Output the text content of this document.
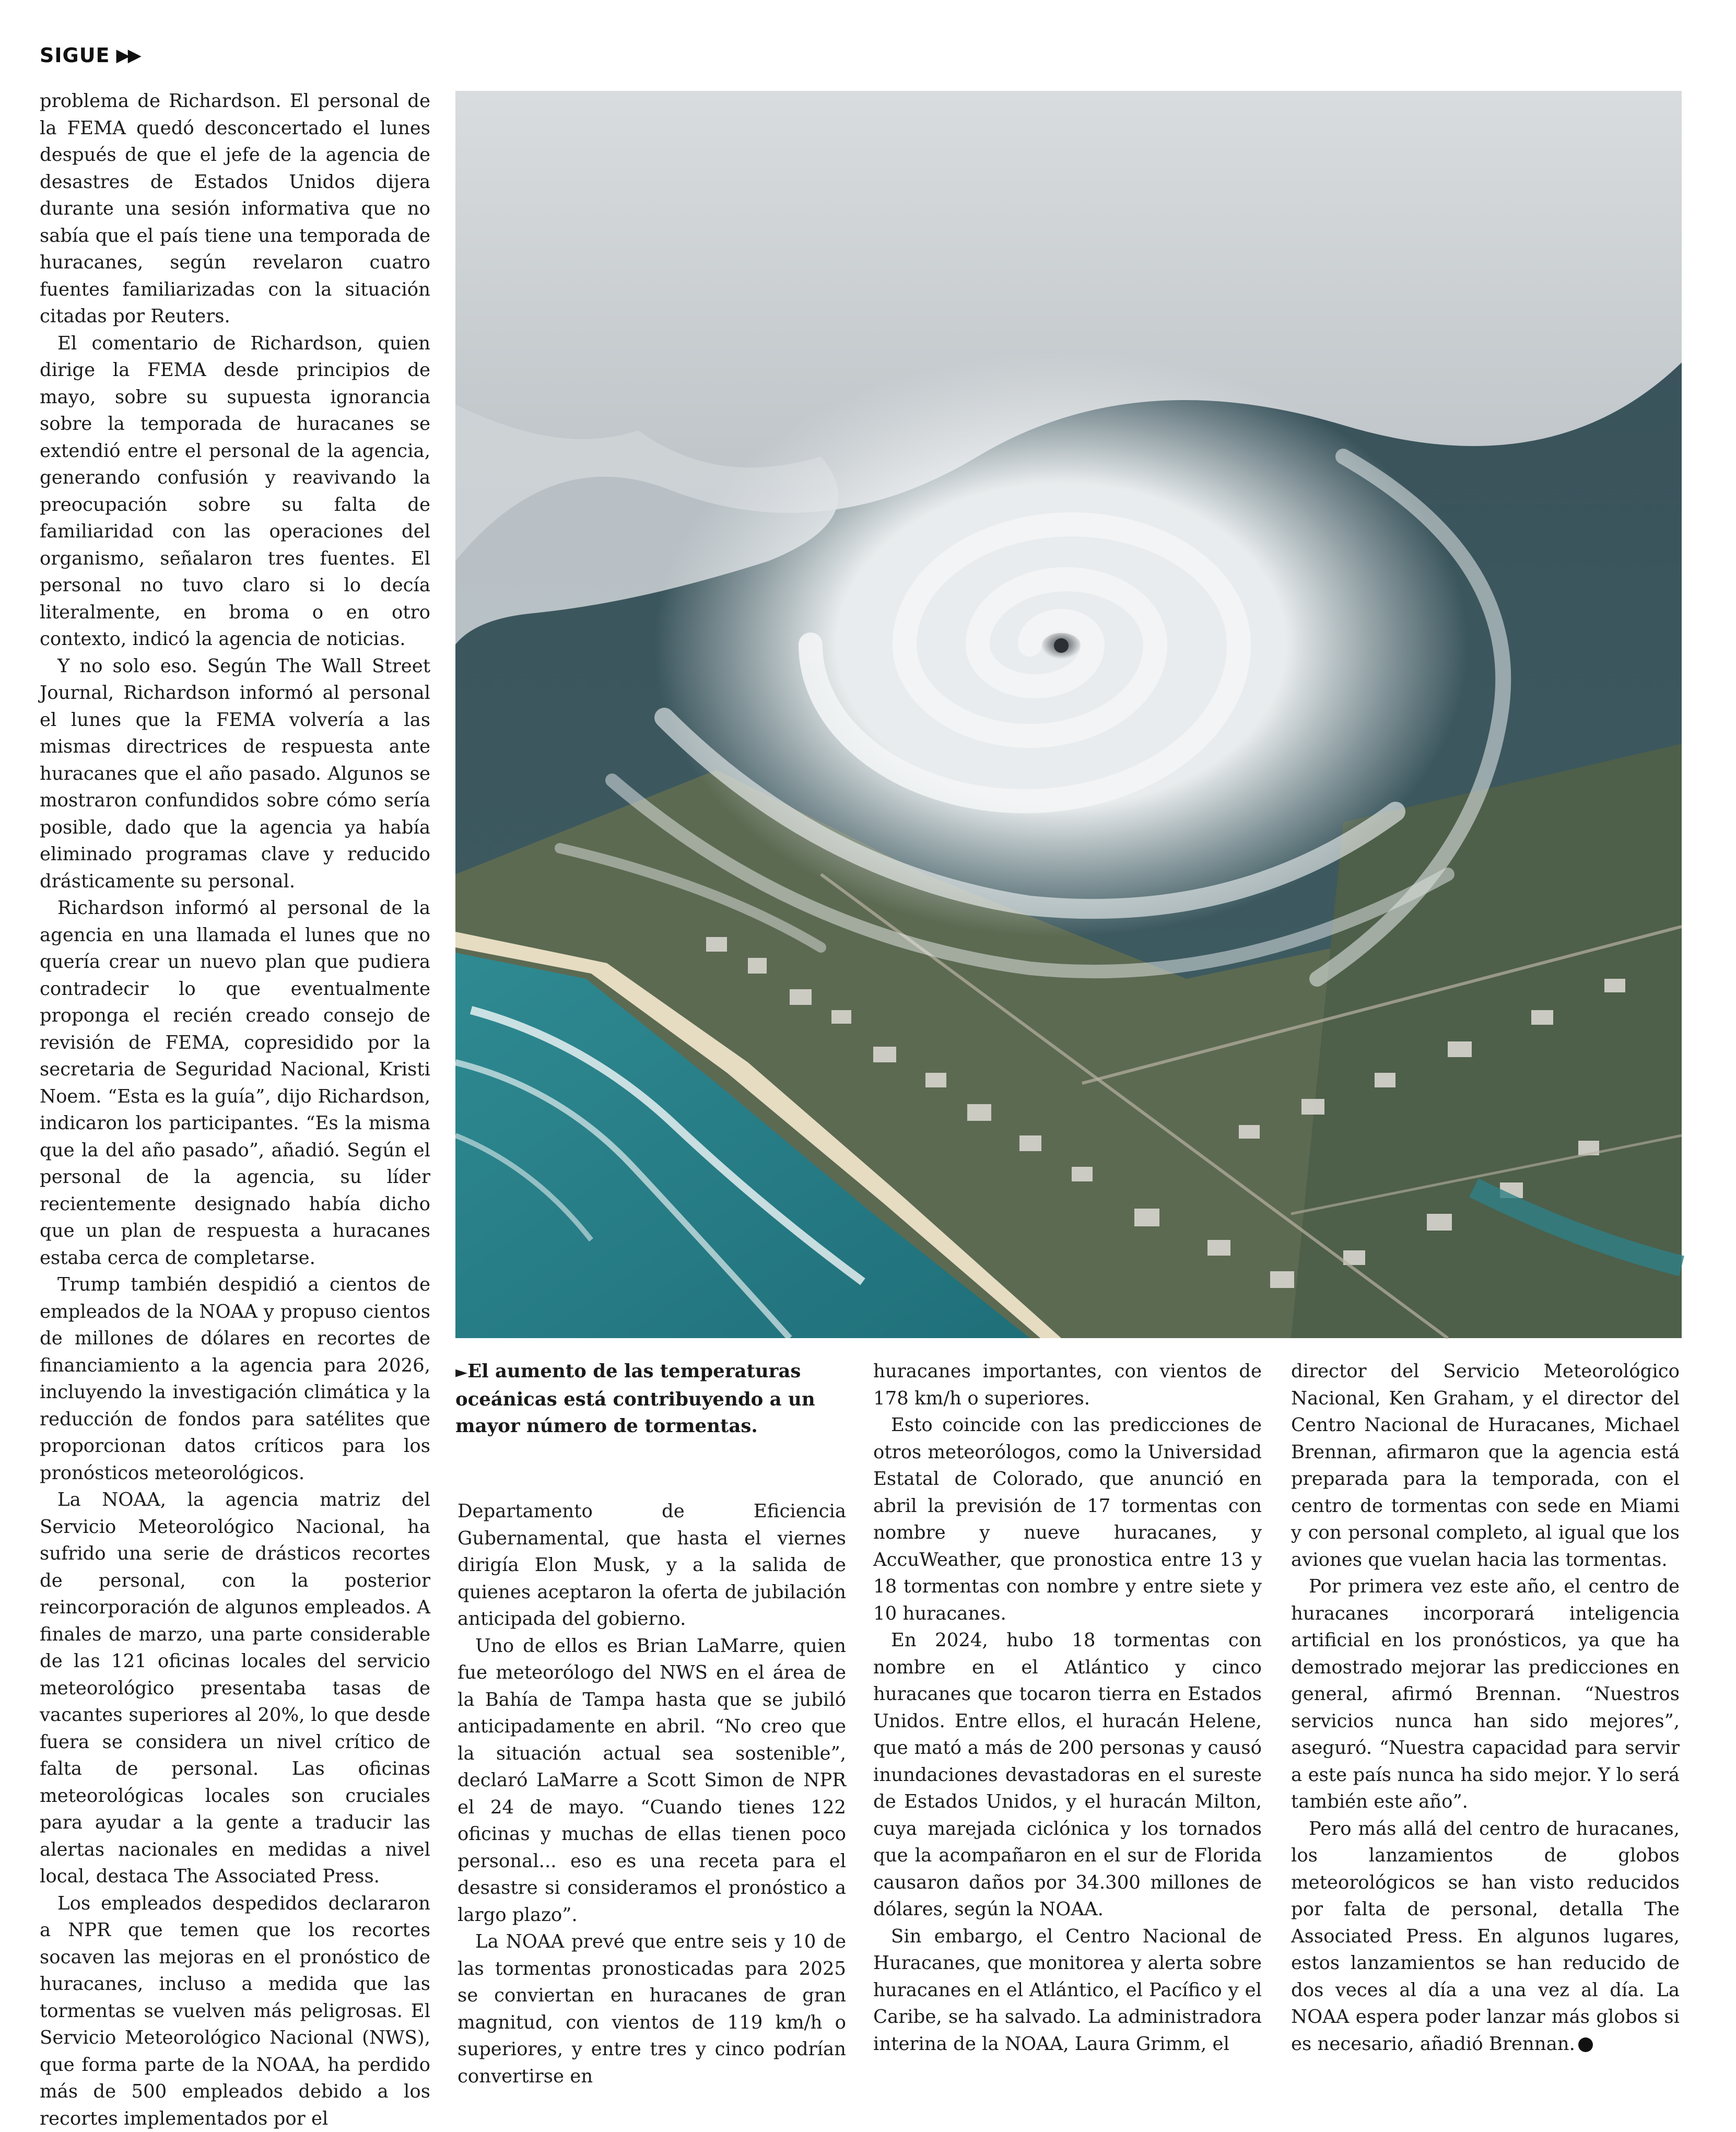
SIGUE ▶▶

problema de Richardson. El personal de la FEMA quedó desconcertado el lunes después de que el jefe de la agencia de desastres de Estados Unidos dijera durante una sesión informativa que no sabía que el país tiene una temporada de huracanes, según revelaron cuatro fuentes familiarizadas con la situación citadas por Reuters.

El comentario de Richardson, quien dirige la FEMA desde principios de mayo, sobre su supuesta ignorancia sobre la temporada de huracanes se extendió entre el personal de la agencia, generando confusión y reavivando la preocupación sobre su falta de familiaridad con las operaciones del organismo, señalaron tres fuentes. El personal no tuvo claro si lo decía literalmente, en broma o en otro contexto, indicó la agencia de noticias.

Y no solo eso. Según The Wall Street Journal, Richardson informó al personal el lunes que la FEMA volvería a las mismas directrices de respuesta ante huracanes que el año pasado. Algunos se mostraron confundidos sobre cómo sería posible, dado que la agencia ya había eliminado programas clave y reducido drásticamente su personal.

Richardson informó al personal de la agencia en una llamada el lunes que no quería crear un nuevo plan que pudiera contradecir lo que eventualmente proponga el recién creado consejo de revisión de FEMA, copresidido por la secretaria de Seguridad Nacional, Kristi Noem. “Esta es la guía”, dijo Richardson, indicaron los participantes. “Es la misma que la del año pasado”, añadió. Según el personal de la agencia, su líder recientemente designado había dicho que un plan de respuesta a huracanes estaba cerca de completarse.

Trump también despidió a cientos de empleados de la NOAA y propuso cientos de millones de dólares en recortes de financiamiento a la agencia para 2026, incluyendo la investigación climática y la reducción de fondos para satélites que proporcionan datos críticos para los pronósticos meteorológicos.

La NOAA, la agencia matriz del Servicio Meteorológico Nacional, ha sufrido una serie de drásticos recortes de personal, con la posterior reincorporación de algunos empleados. A finales de marzo, una parte considerable de las 121 oficinas locales del servicio meteorológico presentaba tasas de vacantes superiores al 20%, lo que desde fuera se considera un nivel crítico de falta de personal. Las oficinas meteorológicas locales son cruciales para ayudar a la gente a traducir las alertas nacionales en medidas a nivel local, destaca The Associated Press.

Los empleados despedidos declararon a NPR que temen que los recortes socaven las mejoras en el pronóstico de huracanes, incluso a medida que las tormentas se vuelven más peligrosas. El Servicio Meteorológico Nacional (NWS), que forma parte de la NOAA, ha perdido más de 500 empleados debido a los recortes implementados por el

►El aumento de las temperaturas oceánicas está contribuyendo a un mayor número de tormentas.

Departamento de Eficiencia Gubernamental, que hasta el viernes dirigía Elon Musk, y a la salida de quienes aceptaron la oferta de jubilación anticipada del gobierno.

Uno de ellos es Brian LaMarre, quien fue meteorólogo del NWS en el área de la Bahía de Tampa hasta que se jubiló anticipadamente en abril. “No creo que la situación actual sea sostenible”, declaró LaMarre a Scott Simon de NPR el 24 de mayo. “Cuando tienes 122 oficinas y muchas de ellas tienen poco personal... eso es una receta para el desastre si consideramos el pronóstico a largo plazo”.

La NOAA prevé que entre seis y 10 de las tormentas pronosticadas para 2025 se conviertan en huracanes de gran magnitud, con vientos de 119 km/h o superiores, y entre tres y cinco podrían convertirse en

huracanes importantes, con vientos de 178 km/h o superiores.

Esto coincide con las predicciones de otros meteorólogos, como la Universidad Estatal de Colorado, que anunció en abril la previsión de 17 tormentas con nombre y nueve huracanes, y AccuWeather, que pronostica entre 13 y 18 tormentas con nombre y entre siete y 10 huracanes.

En 2024, hubo 18 tormentas con nombre en el Atlántico y cinco huracanes que tocaron tierra en Estados Unidos. Entre ellos, el huracán Helene, que mató a más de 200 personas y causó inundaciones devastadoras en el sureste de Estados Unidos, y el huracán Milton, cuya marejada ciclónica y los tornados que la acompañaron en el sur de Florida causaron daños por 34.300 millones de dólares, según la NOAA.

Sin embargo, el Centro Nacional de Huracanes, que monitorea y alerta sobre huracanes en el Atlántico, el Pacífico y el Caribe, se ha salvado. La administradora interina de la NOAA, Laura Grimm, el

director del Servicio Meteorológico Nacional, Ken Graham, y el director del Centro Nacional de Huracanes, Michael Brennan, afirmaron que la agencia está preparada para la temporada, con el centro de tormentas con sede en Miami y con personal completo, al igual que los aviones que vuelan hacia las tormentas.

Por primera vez este año, el centro de huracanes incorporará inteligencia artificial en los pronósticos, ya que ha demostrado mejorar las predicciones en general, afirmó Brennan. “Nuestros servicios nunca han sido mejores”, aseguró. “Nuestra capacidad para servir a este país nunca ha sido mejor. Y lo será también este año”.

Pero más allá del centro de huracanes, los lanzamientos de globos meteorológicos se han visto reducidos por falta de personal, detalla The Associated Press. En algunos lugares, estos lanzamientos se han reducido de dos veces al día a una vez al día. La NOAA espera poder lanzar más globos si es necesario, añadió Brennan.
